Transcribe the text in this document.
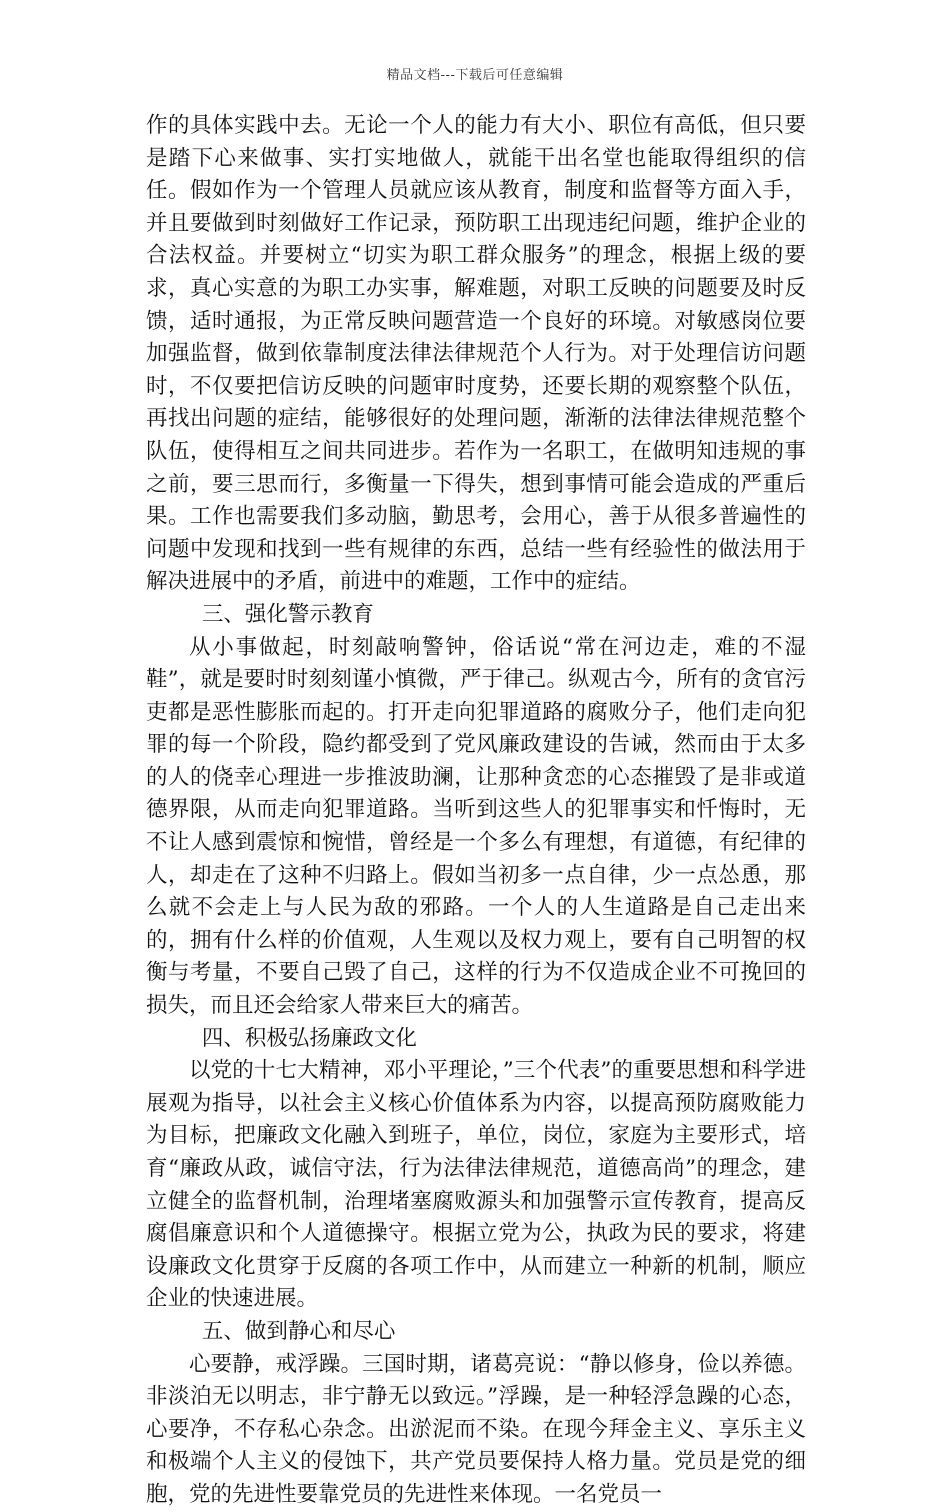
精品文档---下载后可任意编辑

作的具体实践中去。无论一个人的能力有大小、职位有高低，但只要是踏下心来做事、实打实地做人，就能干出名堂也能取得组织的信任。假如作为一个管理人员就应该从教育，制度和监督等方面入手，并且要做到时刻做好工作记录，预防职工出现违纪问题，维护企业的合法权益。并要树立“切实为职工群众服务”的理念，根据上级的要求，真心实意的为职工办实事，解难题，对职工反映的问题要及时反馈，适时通报，为正常反映问题营造一个良好的环境。对敏感岗位要加强监督，做到依靠制度法律法律规范个人行为。对于处理信访问题时，不仅要把信访反映的问题审时度势，还要长期的观察整个队伍，再找出问题的症结，能够很好的处理问题，渐渐的法律法律规范整个队伍，使得相互之间共同进步。若作为一名职工，在做明知违规的事之前，要三思而行，多衡量一下得失，想到事情可能会造成的严重后果。工作也需要我们多动脑，勤思考，会用心，善于从很多普遍性的问题中发现和找到一些有规律的东西，总结一些有经验性的做法用于解决进展中的矛盾，前进中的难题，工作中的症结。

三、强化警示教育

从小事做起，时刻敲响警钟，俗话说“常在河边走，难的不湿鞋”，就是要时时刻刻谨小慎微，严于律己。纵观古今，所有的贪官污吏都是恶性膨胀而起的。打开走向犯罪道路的腐败分子，他们走向犯罪的每一个阶段，隐约都受到了党风廉政建设的告诫，然而由于太多的人的侥幸心理进一步推波助澜，让那种贪恋的心态摧毁了是非或道德界限，从而走向犯罪道路。当听到这些人的犯罪事实和忏悔时，无不让人感到震惊和惋惜，曾经是一个多么有理想，有道德，有纪律的人，却走在了这种不归路上。假如当初多一点自律，少一点怂恿，那么就不会走上与人民为敌的邪路。一个人的人生道路是自己走出来的，拥有什么样的价值观，人生观以及权力观上，要有自己明智的权衡与考量，不要自己毁了自己，这样的行为不仅造成企业不可挽回的损失，而且还会给家人带来巨大的痛苦。

四、积极弘扬廉政文化

以党的十七大精神，邓小平理论，”三个代表”的重要思想和科学进展观为指导，以社会主义核心价值体系为内容，以提高预防腐败能力为目标，把廉政文化融入到班子，单位，岗位，家庭为主要形式，培育“廉政从政，诚信守法，行为法律法律规范，道德高尚”的理念，建立健全的监督机制，治理堵塞腐败源头和加强警示宣传教育，提高反腐倡廉意识和个人道德操守。根据立党为公，执政为民的要求，将建设廉政文化贯穿于反腐的各项工作中，从而建立一种新的机制，顺应企业的快速进展。

五、做到静心和尽心

心要静，戒浮躁。三国时期，诸葛亮说：“静以修身，俭以养德。非淡泊无以明志，非宁静无以致远。”浮躁，是一种轻浮急躁的心态，心要净，不存私心杂念。出淤泥而不染。在现今拜金主义、享乐主义和极端个人主义的侵蚀下，共产党员要保持人格力量。党员是党的细胞，党的先进性要靠党员的先进性来体现。一名党员一
